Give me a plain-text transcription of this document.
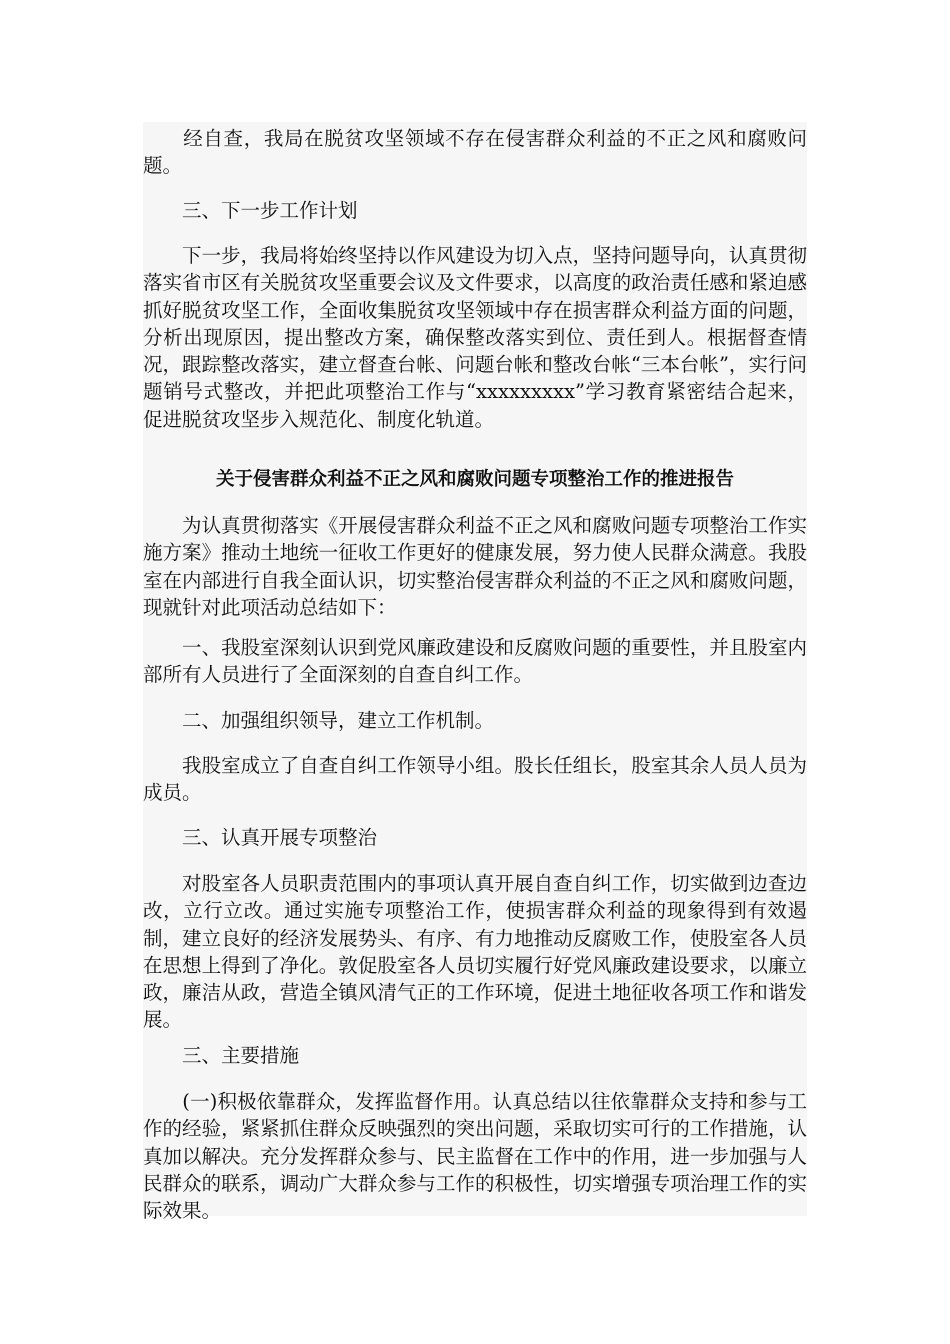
　　经自查，我局在脱贫攻坚领域不存在侵害群众利益的不正之风和腐败问题。

　　三、下一步工作计划

　　下一步，我局将始终坚持以作风建设为切入点，坚持问题导向，认真贯彻落实省市区有关脱贫攻坚重要会议及文件要求，以高度的政治责任感和紧迫感抓好脱贫攻坚工作，全面收集脱贫攻坚领域中存在损害群众利益方面的问题，分析出现原因，提出整改方案，确保整改落实到位、责任到人。根据督查情况，跟踪整改落实，建立督查台帐、问题台帐和整改台帐“三本台帐”，实行问题销号式整改，并把此项整治工作与“xxxxxxxxx”学习教育紧密结合起来，促进脱贫攻坚步入规范化、制度化轨道。

关于侵害群众利益不正之风和腐败问题专项整治工作的推进报告

　　为认真贯彻落实《开展侵害群众利益不正之风和腐败问题专项整治工作实施方案》推动土地统一征收工作更好的健康发展，努力使人民群众满意。我股室在内部进行自我全面认识，切实整治侵害群众利益的不正之风和腐败问题，现就针对此项活动总结如下：

　　一、我股室深刻认识到党风廉政建设和反腐败问题的重要性，并且股室内部所有人员进行了全面深刻的自查自纠工作。

　　二、加强组织领导，建立工作机制。

　　我股室成立了自查自纠工作领导小组。股长任组长，股室其余人员人员为成员。

　　三、认真开展专项整治

　　对股室各人员职责范围内的事项认真开展自查自纠工作，切实做到边查边改，立行立改。通过实施专项整治工作，使损害群众利益的现象得到有效遏制，建立良好的经济发展势头、有序、有力地推动反腐败工作，使股室各人员在思想上得到了净化。敦促股室各人员切实履行好党风廉政建设要求，以廉立政，廉洁从政，营造全镇风清气正的工作环境，促进土地征收各项工作和谐发展。

　　三、主要措施

　　(一)积极依靠群众，发挥监督作用。认真总结以往依靠群众支持和参与工作的经验，紧紧抓住群众反映强烈的突出问题，采取切实可行的工作措施，认真加以解决。充分发挥群众参与、民主监督在工作中的作用，进一步加强与人民群众的联系，调动广大群众参与工作的积极性，切实增强专项治理工作的实际效果。
